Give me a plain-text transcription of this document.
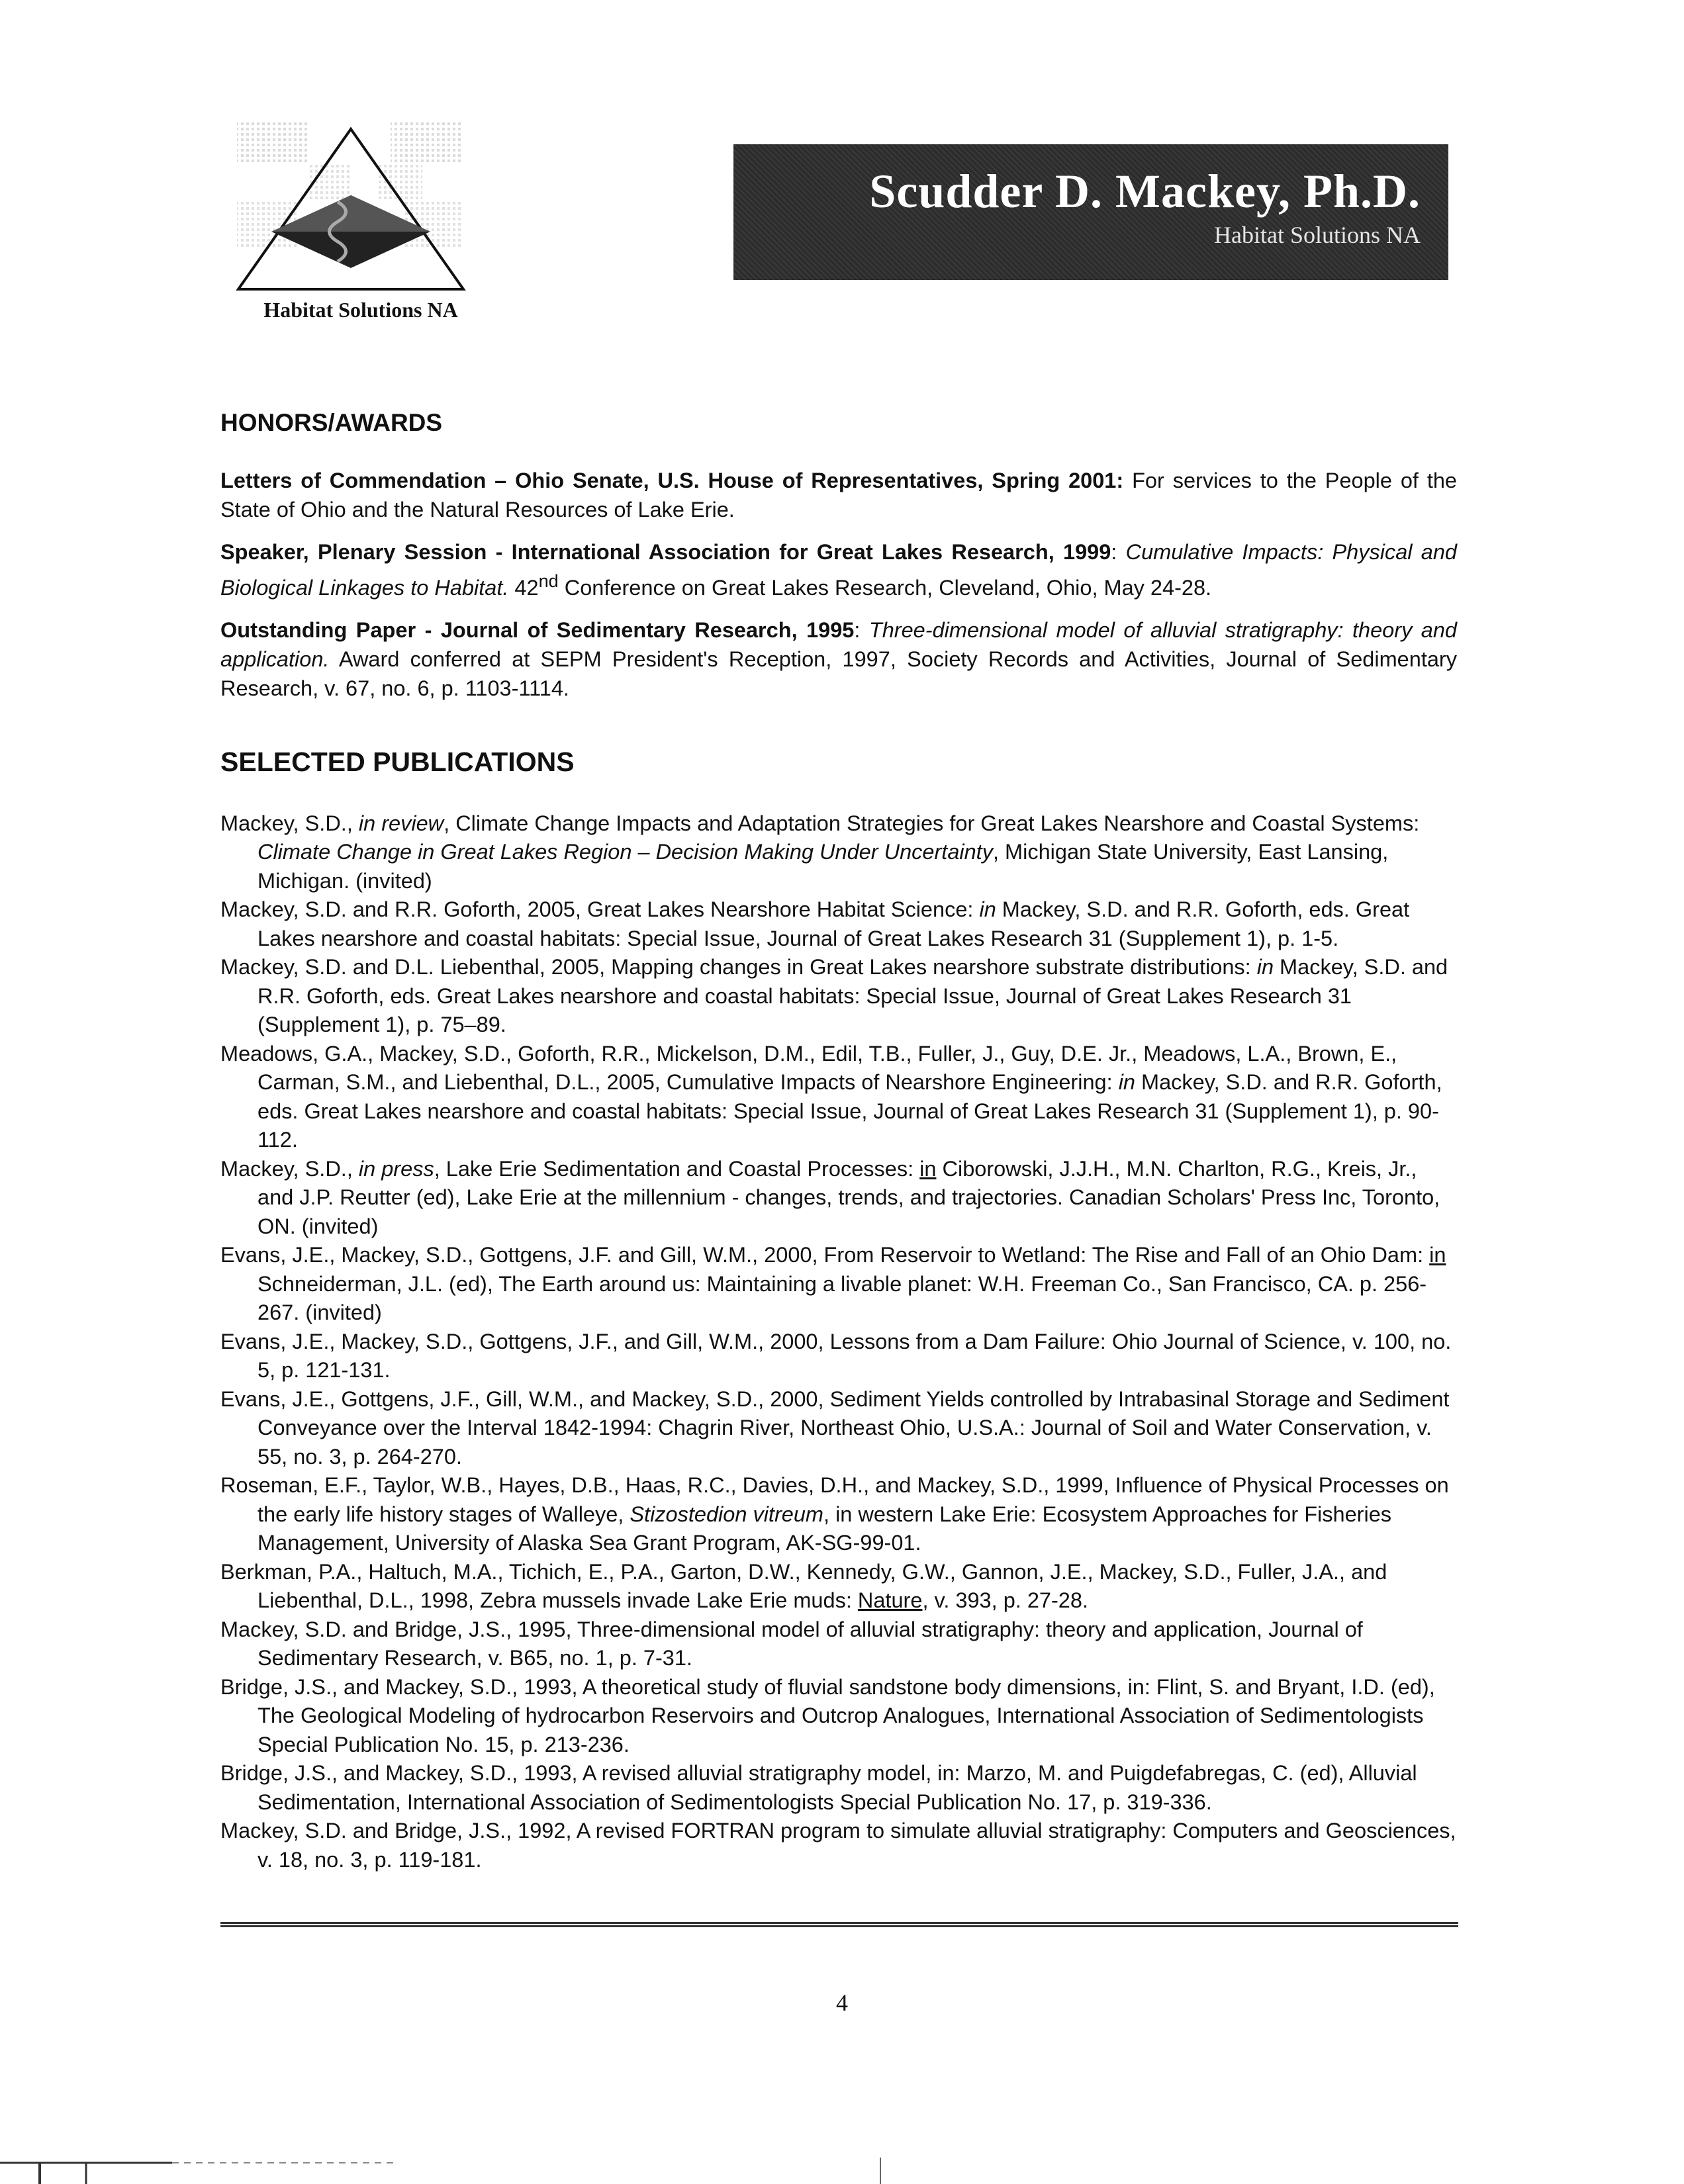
Habitat Solutions NA
Scudder D. Mackey, Ph.D.
Habitat Solutions NA
HONORS/AWARDS

Letters of Commendation – Ohio Senate, U.S. House of Representatives, Spring 2001: For services to the People of the State of Ohio and the Natural Resources of Lake Erie.

Speaker, Plenary Session - International Association for Great Lakes Research, 1999: Cumulative Impacts: Physical and Biological Linkages to Habitat. 42nd Conference on Great Lakes Research, Cleveland, Ohio, May 24-28.

Outstanding Paper - Journal of Sedimentary Research, 1995: Three-dimensional model of alluvial stratigraphy: theory and application. Award conferred at SEPM President's Reception, 1997, Society Records and Activities, Journal of Sedimentary Research, v. 67, no. 6, p. 1103-1114.

SELECTED PUBLICATIONS

Mackey, S.D., in review, Climate Change Impacts and Adaptation Strategies for Great Lakes Nearshore and Coastal Systems: Climate Change in Great Lakes Region – Decision Making Under Uncertainty, Michigan State University, East Lansing, Michigan. (invited)

Mackey, S.D. and R.R. Goforth, 2005, Great Lakes Nearshore Habitat Science: in Mackey, S.D. and R.R. Goforth, eds. Great Lakes nearshore and coastal habitats: Special Issue, Journal of Great Lakes Research 31 (Supplement 1), p. 1-5.

Mackey, S.D. and D.L. Liebenthal, 2005, Mapping changes in Great Lakes nearshore substrate distributions: in Mackey, S.D. and R.R. Goforth, eds. Great Lakes nearshore and coastal habitats: Special Issue, Journal of Great Lakes Research 31 (Supplement 1), p. 75–89.

Meadows, G.A., Mackey, S.D., Goforth, R.R., Mickelson, D.M., Edil, T.B., Fuller, J., Guy, D.E. Jr., Meadows, L.A., Brown, E., Carman, S.M., and Liebenthal, D.L., 2005, Cumulative Impacts of Nearshore Engineering: in Mackey, S.D. and R.R. Goforth, eds. Great Lakes nearshore and coastal habitats: Special Issue, Journal of Great Lakes Research 31 (Supplement 1), p. 90-112.

Mackey, S.D., in press, Lake Erie Sedimentation and Coastal Processes: in Ciborowski, J.J.H., M.N. Charlton, R.G., Kreis, Jr., and J.P. Reutter (ed), Lake Erie at the millennium - changes, trends, and trajectories. Canadian Scholars' Press Inc, Toronto, ON. (invited)

Evans, J.E., Mackey, S.D., Gottgens, J.F. and Gill, W.M., 2000, From Reservoir to Wetland: The Rise and Fall of an Ohio Dam: in Schneiderman, J.L. (ed), The Earth around us: Maintaining a livable planet: W.H. Freeman Co., San Francisco, CA. p. 256-267. (invited)

Evans, J.E., Mackey, S.D., Gottgens, J.F., and Gill, W.M., 2000, Lessons from a Dam Failure: Ohio Journal of Science, v. 100, no. 5, p. 121-131.

Evans, J.E., Gottgens, J.F., Gill, W.M., and Mackey, S.D., 2000, Sediment Yields controlled by Intrabasinal Storage and Sediment Conveyance over the Interval 1842-1994: Chagrin River, Northeast Ohio, U.S.A.: Journal of Soil and Water Conservation, v. 55, no. 3, p. 264-270.

Roseman, E.F., Taylor, W.B., Hayes, D.B., Haas, R.C., Davies, D.H., and Mackey, S.D., 1999, Influence of Physical Processes on the early life history stages of Walleye, Stizostedion vitreum, in western Lake Erie: Ecosystem Approaches for Fisheries Management, University of Alaska Sea Grant Program, AK-SG-99-01.

Berkman, P.A., Haltuch, M.A., Tichich, E., P.A., Garton, D.W., Kennedy, G.W., Gannon, J.E., Mackey, S.D., Fuller, J.A., and Liebenthal, D.L., 1998, Zebra mussels invade Lake Erie muds: Nature, v. 393, p. 27-28.

Mackey, S.D. and Bridge, J.S., 1995, Three-dimensional model of alluvial stratigraphy: theory and application, Journal of Sedimentary Research, v. B65, no. 1, p. 7-31.

Bridge, J.S., and Mackey, S.D., 1993, A theoretical study of fluvial sandstone body dimensions, in: Flint, S. and Bryant, I.D. (ed), The Geological Modeling of hydrocarbon Reservoirs and Outcrop Analogues, International Association of Sedimentologists Special Publication No. 15, p. 213-236.

Bridge, J.S., and Mackey, S.D., 1993, A revised alluvial stratigraphy model, in: Marzo, M. and Puigdefabregas, C. (ed), Alluvial Sedimentation, International Association of Sedimentologists Special Publication No. 17, p. 319-336.

Mackey, S.D. and Bridge, J.S., 1992, A revised FORTRAN program to simulate alluvial stratigraphy: Computers and Geosciences, v. 18, no. 3, p. 119-181.

4
